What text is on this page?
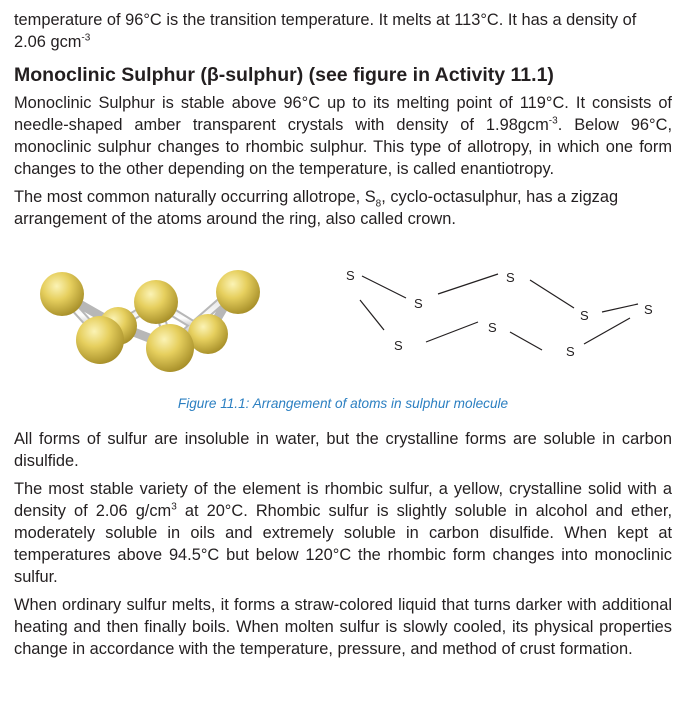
temperature of 96°C is the transition temperature. It melts at 113°C. It has a density of 2.06 gcm$^{-3}$

Monoclinic Sulphur (β-sulphur) (see figure in Activity 11.1)

Monoclinic Sulphur is stable above 96°C up to its melting point of 119°C. It consists of needle-shaped amber transparent crystals with density of 1.98gcm$^{-3}$. Below 96°C, monoclinic sulphur changes to rhombic sulphur. This type of allotropy, in which one form changes to the other depending on the temperature, is called enantiotropy.

The most common naturally occurring allotrope, $S_8$, cyclo-octasulphur, has a zigzag arrangement of the atoms around the ring, also called crown.

S
S
S
S	S
S
S
S
Figure 11.1: Arrangement of atoms in sulphur molecule

All forms of sulfur are insoluble in water, but the crystalline forms are soluble in carbon disulfide.

The most stable variety of the element is rhombic sulfur, a yellow, crystalline solid with a density of 2.06 $g/cm^3$ at 20°C. Rhombic sulfur is slightly soluble in alcohol and ether, moderately soluble in oils and extremely soluble in carbon disulfide. When kept at temperatures above 94.5°C but below 120°C the rhombic form changes into monoclinic sulfur.

When ordinary sulfur melts, it forms a straw-colored liquid that turns darker with additional heating and then finally boils. When molten sulfur is slowly cooled, its physical properties change in accordance with the temperature, pressure, and method of crust formation.
